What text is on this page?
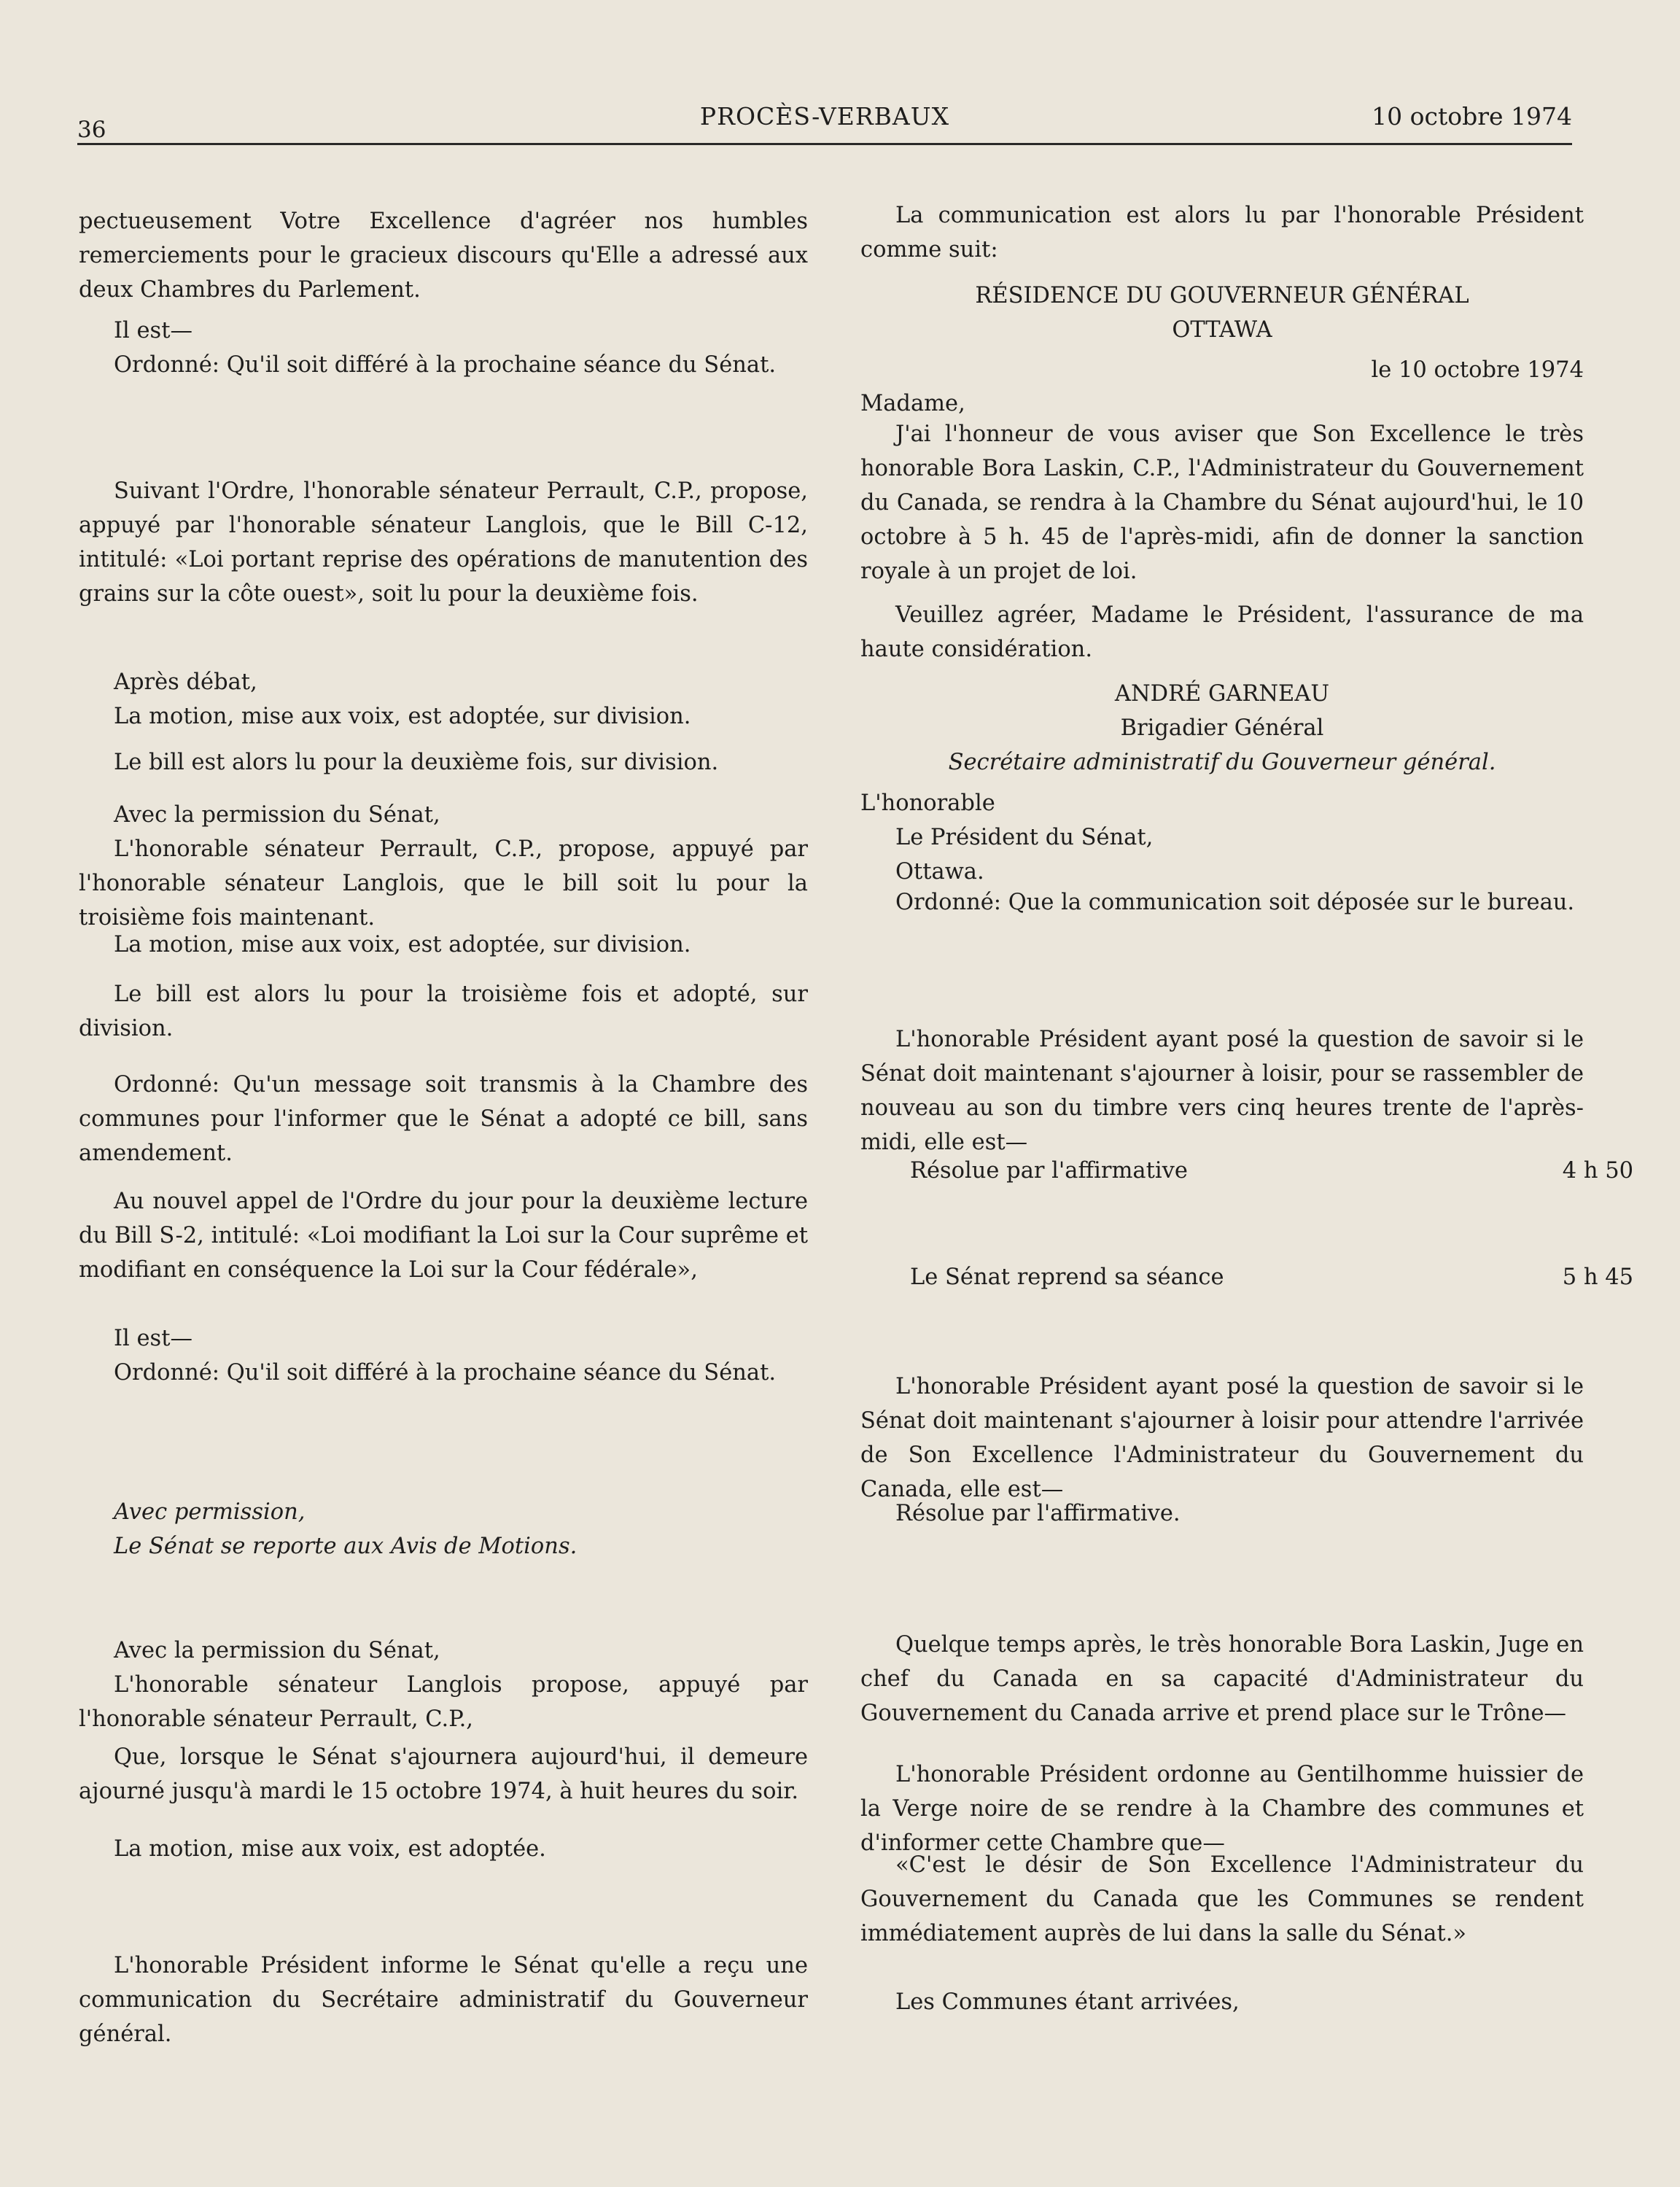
36	PROCÈS-VERBAUX	10 octobre 1974

pectueusement Votre Excellence d'agréer nos humbles remerciements pour le gracieux discours qu'Elle a adressé aux deux Chambres du Parlement.

Il est—

Ordonné: Qu'il soit différé à la prochaine séance du Sénat.

Suivant l'Ordre, l'honorable sénateur Perrault, C.P., propose, appuyé par l'honorable sénateur Langlois, que le Bill C-12, intitulé: «Loi portant reprise des opérations de manutention des grains sur la côte ouest», soit lu pour la deuxième fois.

Après débat,

La motion, mise aux voix, est adoptée, sur division.

Le bill est alors lu pour la deuxième fois, sur division.

Avec la permission du Sénat,

L'honorable sénateur Perrault, C.P., propose, appuyé par l'honorable sénateur Langlois, que le bill soit lu pour la troisième fois maintenant.

La motion, mise aux voix, est adoptée, sur division.

Le bill est alors lu pour la troisième fois et adopté, sur division.

Ordonné: Qu'un message soit transmis à la Chambre des communes pour l'informer que le Sénat a adopté ce bill, sans amendement.

Au nouvel appel de l'Ordre du jour pour la deuxième lecture du Bill S-2, intitulé: «Loi modifiant la Loi sur la Cour suprême et modifiant en conséquence la Loi sur la Cour fédérale»,

Il est—

Ordonné: Qu'il soit différé à la prochaine séance du Sénat.

Avec permission,

Le Sénat se reporte aux Avis de Motions.

Avec la permission du Sénat,

L'honorable sénateur Langlois propose, appuyé par l'honorable sénateur Perrault, C.P.,

Que, lorsque le Sénat s'ajournera aujourd'hui, il demeure ajourné jusqu'à mardi le 15 octobre 1974, à huit heures du soir.

La motion, mise aux voix, est adoptée.

L'honorable Président informe le Sénat qu'elle a reçu une communication du Secrétaire administratif du Gouverneur général.

La communication est alors lu par l'honorable Président comme suit:

RÉSIDENCE DU GOUVERNEUR GÉNÉRAL

OTTAWA

le 10 octobre 1974

Madame,

J'ai l'honneur de vous aviser que Son Excellence le très honorable Bora Laskin, C.P., l'Administrateur du Gouvernement du Canada, se rendra à la Chambre du Sénat aujourd'hui, le 10 octobre à 5 h. 45 de l'après-midi, afin de donner la sanction royale à un projet de loi.

Veuillez agréer, Madame le Président, l'assurance de ma haute considération.

ANDRÉ GARNEAU

Brigadier Général

Secrétaire administratif du Gouverneur général.

L'honorable

Le Président du Sénat,

Ottawa.

Ordonné: Que la communication soit déposée sur le bureau.

L'honorable Président ayant posé la question de savoir si le Sénat doit maintenant s'ajourner à loisir, pour se rassembler de nouveau au son du timbre vers cinq heures trente de l'après-midi, elle est—

Résolue par l'affirmative	4 h 50
Le Sénat reprend sa séance	5 h 45

L'honorable Président ayant posé la question de savoir si le Sénat doit maintenant s'ajourner à loisir pour attendre l'arrivée de Son Excellence l'Administrateur du Gouvernement du Canada, elle est—

Résolue par l'affirmative.

Quelque temps après, le très honorable Bora Laskin, Juge en chef du Canada en sa capacité d'Administrateur du Gouvernement du Canada arrive et prend place sur le Trône—

L'honorable Président ordonne au Gentilhomme huissier de la Verge noire de se rendre à la Chambre des communes et d'informer cette Chambre que—

«C'est le désir de Son Excellence l'Administrateur du Gouvernement du Canada que les Communes se rendent immédiatement auprès de lui dans la salle du Sénat.»

Les Communes étant arrivées,
